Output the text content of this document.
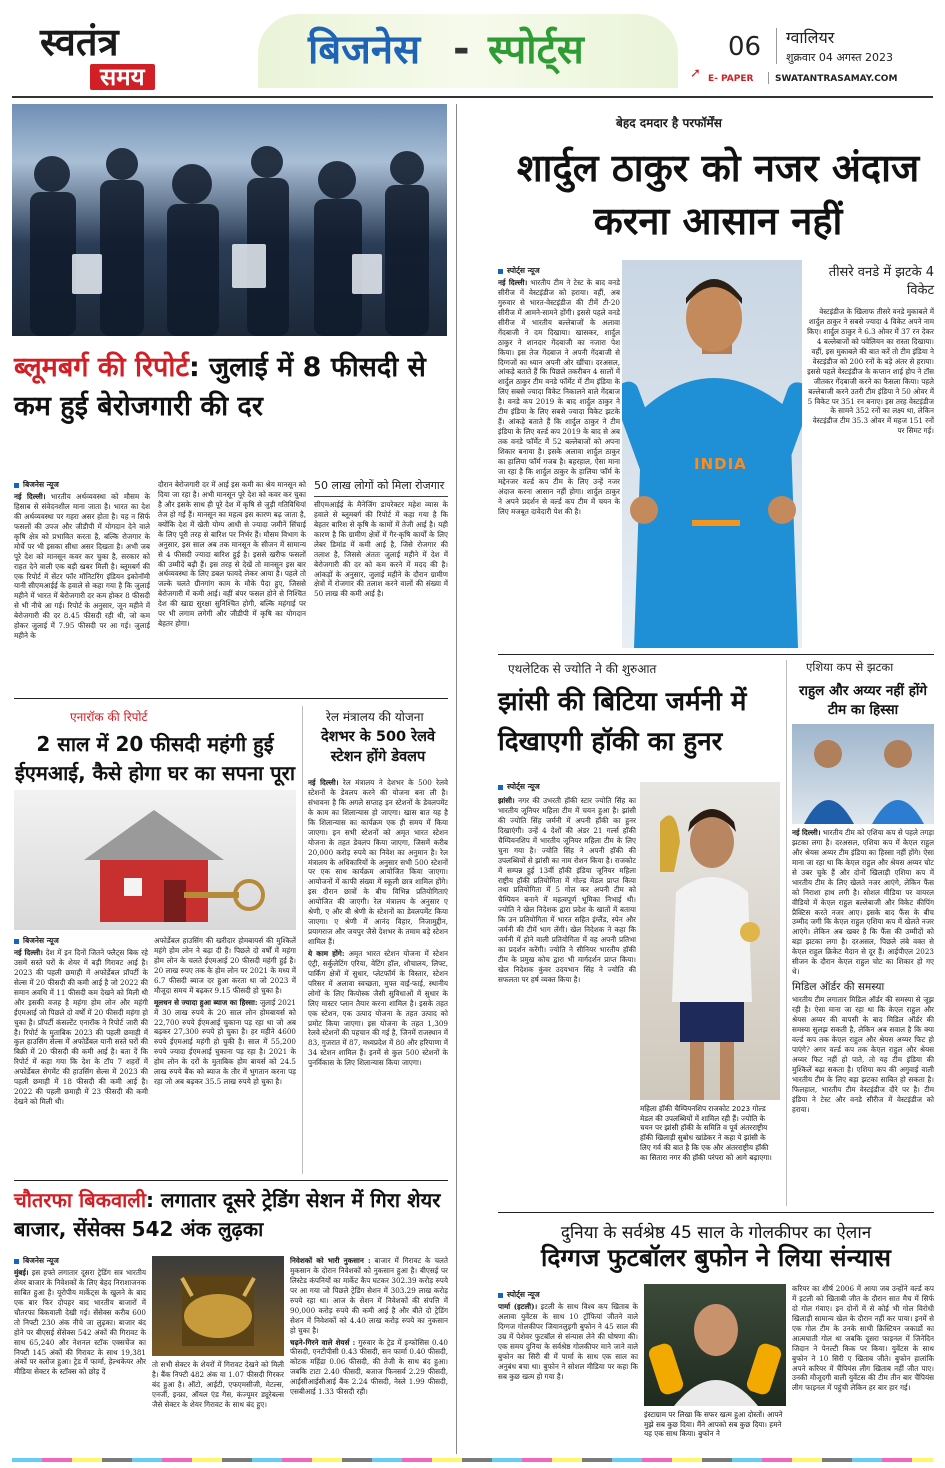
स्वतंत्र
समय
बिजनेस - स्पोर्ट्स	06 ग्वालियर
शुक्रवार 04 अगस्त 2023
➚ E- PAPER SWATANTRASAMAY.COM
ब्लूमबर्ग की रिपोर्ट: जुलाई में 8 फीसदी से कम हुई बेरोजगारी की दर
बिजनेस न्यूज
नई दिल्ली। भारतीय अर्थव्यवस्था को मौसम के हिसाब से संवेदनशील माना जाता है। भारत का देश की अर्थव्यवस्था पर गहरा असर होता है। यह न सिर्फ फसलों की उपज और जीडीपी में योगदान देने वाले कृषि क्षेत्र को प्रभावित करता है, बल्कि रोजगार के मोर्चे पर भी इसका सीधा असर दिखता है। अभी जब पूरे देश को मानसून कवर कर चुका है, सरकार को राहत देने वाली एक बड़ी खबर मिली है। ब्लूमबर्ग की एक रिपोर्ट में सेंटर फॉर मॉनिटरिंग इंडियन इकोनॉमी यानी सीएमआईई के हवाले से कहा गया है कि जुलाई महीने में भारत में बेरोजगारी दर कम होकर 8 फीसदी से भी नीचे आ गई। रिपोर्ट के अनुसार, जून महीने में बेरोजगारी की दर 8.45 फीसदी रही थी, जो कम होकर जुलाई में 7.95 फीसदी पर आ गई। जुलाई महीने के
दौरान बेरोजगारी दर में आई इस कमी का श्रेय मानसून को दिया जा रहा है। अभी मानसून पूरे देश को कवर कर चुका है और इसके साथ ही पूरे देश में कृषि से जुड़ी गतिविधियां तेज हो गई हैं। मानसून का महत्व इस कारण बढ़ जाता है, क्योंकि देश में खेती योग्य आधी से ज्यादा जमीनें सिंचाई के लिए पूरी तरह से बारिश पर निर्भर हैं। मौसम विभाग के अनुसार, इस साल अब तक मानसून के सीजन में सामान्य से 4 फीसदी ज्यादा बारिश हुई है। इससे खरीफ फसलों की उम्मीदें बढ़ी हैं। इस तरह से देखें तो मानसून इस बार अर्थव्यवस्था के लिए डबल फायदे लेकर आया है। पहले तो जल्के चलते ग्रीनगांग काम के मौके पैदा हुए, जिससे बेरोजगारी में कमी आई। वहीं बंपर फसल होने से निश्चित देश की खाद्य सुरक्षा सुनिश्चित होगी, बल्कि महंगाई पर पर भी लगाम लगेगी और जीडीपी में कृषि का योगदान बेहतर होगा।
50 लाख लोगों को मिला रोजगार
सीएमआईई के मैनेजिंग डायरेक्टर महेश व्यास के हवाले से ब्लूमबर्ग की रिपोर्ट में कहा गया है कि बेहतर बारिश से कृषि के कामों में तेजी आई है। यही कारण है कि ग्रामीण क्षेत्रों में गैर-कृषि कार्यों के लिए लेबर डिमांड में कमी आई है, जिसे रोजगार की तलाश है, जिससे अंततः जुलाई महीने में देश में बेरोजगारी की दर को कम करने में मदद की है। आंकड़ों के अनुसार, जुलाई महीने के दौरान ग्रामीण क्षेत्रों में रोजगार की तलाश करने वालों की संख्या में 50 लाख की कमी आई है।
एनारॉक की रिपोर्ट
2 साल में 20 फीसदी महंगी हुई ईएमआई, कैसे होगा घर का सपना पूरा
बिजनेस न्यूज
नई दिल्ली। देश में इन दिनों जितने फ्लैट्स बिक रहे उसमें सस्ते घरों के शेयर में बड़ी गिरावट आई है। 2023 की पहली छमाही में अफोर्डेबल प्रॉपर्टी के सेल्स में 20 फीसदी की कमी आई है जो 2022 की समान अवधि में 11 फीसदी कम देखने को मिली थी और इसकी वजह है महंगा होम लोन और महंगी ईएमआई जो पिछले दो वर्षों में 20 फीसदी महंगा हो चुका है। प्रॉपर्टी कंसल्टेंट एनारॉक ने रिपोर्ट जारी की है। रिपोर्ट के मुताबिक 2023 की पहली छमाही में कुल हाउसिंग सेल्स में अफोर्डेबल यानी सस्ते घरों की बिक्री में 20 फीसदी की कमी आई है। बता दें कि रिपोर्ट में कहा गया कि देश के टॉप 7 शहरों में अफोर्डेबल सेगमेंट की हाउसिंग सेल्स में 2023 की पहली छमाही में 18 फीसदी की कमी आई है। 2022 की पहली छमाही में 23 फीसदी की कमी देखने को मिली थी।

अफोर्डेबल हाउसिंग की खरीदार होमबायर्स की मुश्किलें महंगे होम लोन ने बढ़ा दी हैं। पिछले दो वर्षों में महंगा होम लोन के चलते ईएमआई 20 फीसदी महंगी हुई है। 20 लाख रुपए तक के होम लोन पर 2021 के मध्य में 6.7 फीसदी ब्याज दर हुआ करता था जो 2023 में मौजूदा समय में बढ़कर 9.15 फीसदी हो चुका है।

मूलधन से ज्यादा हुआ ब्याज का हिस्सा: जुलाई 2021 में 30 लाख रुपये के 20 साल लोन होमबायर्स को 22,700 रुपये ईएमआई चुकाना पड़ रहा था जो अब बढ़कर 27,300 रुपये हो चुका है। हर महीने 4600 रुपये ईएमआई महंगी हो चुकी है। साल में 55,200 रुपये ज्यादा ईएमआई चुकाना पड़ रहा है। 2021 के होम लोन के दरों के मुताबिक होम बायर्स को 24.5 लाख रुपये बैंक को ब्याज के तौर में भुगतान करना पड़ रहा जो अब बढ़कर 35.5 लाख रुपये हो चुका है।

रेल मंत्रालय की योजना
देशभर के 500 रेलवे स्टेशन होंगे डेवलप

नई दिल्ली। रेल मंत्रालय ने देशभर के 500 रेलवे स्टेशनों के डेवलप करने की योजना बना ली है। संभावना है कि अगले सप्ताह इन स्टेशनों के डेवलपमेंट के काम का शिलान्यास हो जाएगा। खास बात यह है कि शिलान्यास का कार्यक्रम एक ही समय में किया जाएगा। इन सभी स्टेशनों को अमृत भारत स्टेशन योजना के तहत डेवलप किया जाएगा, जिसमें करीब 20,000 करोड़ रुपये का निवेश का अनुमान है। रेल मंत्रालय के अधिकारियों के अनुसार सभी 500 स्टेशनों पर एक साथ कार्यक्रम आयोजित किया जाएगा। आयोजनों में काफी संख्या में स्कूली छात्र शामिल होंगे। इस दौरान छात्रों के बीच विभिन्न प्रतियोगिताएं आयोजित की जाएगी। रेल मंत्रालय के अनुसार ए श्रेणी, ए और बी श्रेणी के स्टेशनों का डेवलपमेंट किया जाएगा। ए श्रेणी में आनंद विहार, निजामुद्दीन, प्रयागराज और जयपुर जैसे देशभर के तमाम बड़े स्टेशन शामिल हैं।

ये काम होंगे: अमृत भारत स्टेशन योजना में स्टेशन एंट्री, सर्कुलेटिंग एरिया, वेटिंग हॉल, शौचालय, लिफ्ट, पार्किंग क्षेत्रों में सुधार, प्लेटफॉर्म के विस्तार, स्टेशन परिसर में अलावा स्वच्छता, मुफ्त वाई-फाई, स्थानीय लोगों के लिए कियोस्क जैसी सुविधाओं में सुधार के लिए मास्टर प्लान तैयार करना शामिल है। इसके तहत एक स्टेशन, एक उत्पाद योजना के तहत उत्पाद को प्रमोट किया जाएगा। इस योजना के तहत 1,309 रेलवे स्टेशनों की पहचान की गई है, जिनमें राजस्थान में 83, गुजरात में 87, मध्यप्रदेश में 80 और हरियाणा में 34 स्टेशन शामिल हैं। इनमें से कुल 500 स्टेशनों के पुनर्विकास के लिए शिलान्यास किया जाएगा।

चौतरफा बिकवाली: लगातार दूसरे ट्रेडिंग सेशन में गिरा शेयर बाजार, सेंसेक्स 542 अंक लुढ़का
बिजनेस न्यूज
मुंबई। इस हफ्ते लगातार दूसरा ट्रेडिंग सत्र भारतीय शेयर बाजार के निवेशकों के लिए बेहद निराशाजनक साबित हुआ है। यूरोपीय मार्केट्स के खुलने के बाद एक बार फिर दोपहर बाद भारतीय बाजारों में चौतरफा बिकवाली देखी गई। सेंसेक्स करीब 600 तो निफ्टी 230 अंक नीचे जा लुढ़का। बाजार बंद होने पर बीएसई सेंसेक्स 542 अंकों की गिरावट के साथ 65,240 और नेशनल स्टॉक एक्सचेंज का निफ्टी 145 अंकों की गिरावट के साथ 19,381 अंकों पर क्लोज हुआ। ट्रेड में फार्मा, हेल्थकेयर और मीडिया सेक्टर के स्टॉक्स को छोड़ दें
तो सभी सेक्टर के शेयरों में गिरावट देखने को मिली है। बैंक निफ्टी 482 अंक या 1.07 फीसदी गिरकर बंद हुआ है। ऑटो, आईटी, एफएमसीजी, मेटल्स, एनर्जी, इन्फ्रा, ऑयल एंड गैस, कंज्यूमर ड्यूरेबल्स जैसे सेक्टर के शेयर गिरावट के साथ बंद हुए।

निवेशकों को भारी नुकसान : बाजार में गिरावट के चलते मुकसान के दोरान निवेशकों को नुकसान हुआ है। बीएसई पर लिस्टेड कंपनियों का मार्केट कैप घटकर 302.39 करोड़ रुपये पर आ गया जो पिछले ट्रेडिंग सेशन में 303.29 लाख करोड़ रुपये रहा था। आज के सेशन में निवेशकों की संपत्ति में 90,000 करोड़ रुपये की कमी आई है और बीते दो ट्रेडिंग सेशन में निवेशकों को 4.40 लाख करोड़ रुपये का नुकसान हो चुका है।

चढ़ने-गिरने वाले शेयर्स : गुरुवार के ट्रेड में इन्फोसिस 0.40 फीसदी, एनटीपीसी 0.43 फीसदी, सन फार्मा 0.40 फीसदी, कोटक महिंद्रा 0.06 फीसदी, की तेजी के साथ बंद हुआ। जबकि टाटा 2.40 फीसदी, बजाज फिनसर्व 2.29 फीसदी, आईसीआईसीआई बैंक 2.24 फीसदी, नेस्ले 1.99 फीसदी, एसबीआई 1.33 फीसदी रही।

बेहद दमदार है परफॉर्मेंस
शार्दुल ठाकुर को नजर अंदाज करना आसान नहीं
स्पोर्ट्स न्यूज
नई दिल्ली। भारतीय टीम ने टेस्ट के बाद वनडे सीरीज में वेस्टइंडीज को हराया। वहीं, अब गुरुवार से भारत-वेस्टइंडीज की टीमें टी-20 सीरीज में आमने-सामने होंगी। इससे पहले वनडे सीरीज में भारतीय बल्लेबाजों के अलावा गेंदबाजी ने दम दिखाया। खासकर, शार्दुल ठाकुर ने शानदार गेंदबाजी का नजारा पेश किया। इस तेज गेंदबाज ने अपनी गेंदबाजी से दिग्गजों का ध्यान अपनी ओर खींचा। दरअसल, आंकड़े बताते हैं कि पिछले तकरीबन 4 सालों में शार्दुल ठाकुर टीम वनडे फॉर्मेट में टीम इंडिया के लिए सबसे ज्यादा विकेट निकालने वाले गेंदबाज है। वनडे कप 2019 के बाद शार्दुल ठाकुर ने टीम इंडिया के लिए सबसे ज्यादा विकेट झटके हैं। आंकड़े बताते हैं कि शार्दुल ठाकुर ने टीम इंडिया के लिए वर्ल्ड कप 2019 के बाद से अब तक वनडे फॉर्मेट में 52 बल्लेबाजों को अपना शिकार बनाया है। इसके अलावा शार्दुल ठाकुर का हालिया फॉर्म गजब है। बहरहाल, ऐसा माना जा रहा है कि शार्दुल ठाकुर के हालिया फॉर्म के मद्देनजर वर्ल्ड कप टीम के लिए उन्हें नजर अंदाज करना आसान नहीं होगा। शार्दुल ठाकुर ने अपने प्रदर्शन से वर्ल्ड कप टीम में चयन के लिए मजबूत दावेदारी पेश की है।
INDIA
तीसरे वनडे में झटके 4 विकेट
वेस्टइंडीज के खिलाफ तीसरे वनडे मुकाबले में शार्दुल ठाकुर ने सबसे ज्यादा 4 विकेट अपने नाम किए। शार्दुल ठाकुर ने 6.3 ओवर में 37 रन देकर 4 बल्लेबाजों को पवेलियन का रास्ता दिखाया। वहीं, इस मुकाबले की बात करें तो टीम इंडिया ने वेस्टइंडीज को 200 रनों के बड़े अंतर से हराया। इससे पहले वेस्टइंडीज के कप्तान शाई होप ने टॉस जीतकर गेंदबाजी करने का फैसला किया। पहले बल्लेबाजी करने उतरी टीम इंडिया ने 50 ओवर में 5 विकेट पर 351 रन बनाए। इस तरह वेस्टइंडीज के सामने 352 रनों का लक्ष्य था, लेकिन वेस्टइंडीज टीम 35.3 ओवर में महज 151 रनों पर सिमट गई।
एथलेटिक से ज्योति ने की शुरुआत
झांसी की बिटिया जर्मनी में दिखाएगी हॉकी का हुनर
स्पोर्ट्स न्यूज
झांसी। नगर की उभरती हॉकी स्टार ज्योति सिंह का भारतीय जूनियर महिला टीम में चयन हुआ है। झांसी की ज्योति सिंह जर्मनी में अपनी हॉकी का हुनर दिखाएंगी। उन्हें 4 देशों की अंडर 21 गर्ल्स हॉकी चैम्पियनशिप में भारतीय जूनियर महिला टीम के लिए चुना गया है। ज्योति सिंह ने अपनी हॉकी की उपलब्धियों से झांसी का नाम रोशन किया है। राजकोट में सम्पन्न हुई 13वीं हॉकी इंडिया जूनियर महिला राष्ट्रीय हॉकी प्रतियोगिता में गोल्ड मेडल प्राप्त किया तथा प्रतियोगिता में 5 गोल कर अपनी टीम को चैम्पियन बनाने में महत्वपूर्ण भूमिका निभाई थी। ज्योति ने खेल निदेशक द्वारा प्रदेश के खातों में बताया कि उन प्रतियोगिता में भारत सहित इंग्लैंड, स्पेन और जर्मनी की टीमें भाग लेंगी। खेल निदेशक ने कहा कि जर्मनी में होने वाली प्रतियोगिता में वह अपनी प्रतिभा का प्रदर्शन करेंगी। ज्योति ने सीनियर भारतीय हॉकी टीम के प्रमुख कोच द्वारा भी मार्गदर्शन प्राप्त किया। खेल निदेशक कुंवर उदयभान सिंह ने ज्योति की सफलता पर हर्ष व्यक्त किया है।
महिला हॉकी चैम्पियनशिप राजकोट 2023 गोल्ड मेडल की उपलब्धियों में शामिल रही हैं। ज्योति के चयन पर झांसी हॉकी के समिति व पूर्व अंतरराष्ट्रीय हॉकी खिलाड़ी सुबोध खांडेकर ने कहा ये झांसी के लिए गर्व की बात है कि एक और अंतरराष्ट्रीय हॉकी का सितारा नगर की हॉकी परंपरा को आगे बढ़ाएगा।
एशिया कप से झटका
राहुल और अय्यर नहीं होंगे टीम का हिस्सा

नई दिल्ली। भारतीय टीम को एशिया कप से पहले तगड़ा झटका लगा है। दरअसल, एशिया कप में केएल राहुल और श्रेयस अय्यर टीम इंडिया का हिस्सा नहीं होंगे। ऐसा माना जा रहा था कि केएल राहुल और श्रेयस अय्यर चोट से उबर चुके हैं और दोनों खिलाड़ी एशिया कप में भारतीय टीम के लिए खेलते नजर आएंगे, लेकिन फैंस को निराशा हाथ लगी है। सोशल मीडिया पर वायरल वीडियो में केएल राहुल बल्लेबाजी और विकेट कीपिंग प्रैक्टिस करते नजर आए। इसके बाद फैंस के बीच उम्मीद जगी कि केएल राहुल एशिया कप में खेलते नजर आएंगे। लेकिन अब खबर है कि फैंस की उम्मीदों को बड़ा झटका लगा है। दरअसल, पिछले लंबे वक्त से केएल राहुल क्रिकेट मैदान से दूर हैं। आईपीएल 2023 सीजन के दौरान केएल राहुल चोट का शिकार हो गए थे।

मिडिल ऑर्डर की समस्या

भारतीय टीम लगातार मिडिल ऑर्डर की समस्या से जूझ रही है। ऐसा माना जा रहा था कि केएल राहुल और श्रेयस अय्यर की वापसी के बाद मिडिल ऑर्डर की समस्या सुलझ सकती है, लेकिन अब सवाल है कि क्या वर्ल्ड कप तक केएल राहुल और श्रेयस अय्यर फिट हो पाएंगे? अगर वर्ल्ड कप तक केएल राहुल और श्रेयस अय्यर फिट नहीं हो पाते, तो यह टीम इंडिया की मुश्किलें बढ़ा सकता है। एशिया कप की अगुवाई वाली भारतीय टीम के लिए बड़ा झटका साबित हो सकता है। फिलहाल, भारतीय टीम वेस्टइंडीज दौरे पर है। टीम इंडिया ने टेस्ट और वनडे सीरीज में वेस्टइंडीज को हराया।

दुनिया के सर्वश्रेष्ठ 45 साल के गोलकीपर का ऐलान
दिग्गज फुटबॉलर बुफोन ने लिया संन्यास
स्पोर्ट्स न्यूज
पार्मा (इटली)। इटली के साथ विश्व कप खिताब के अलावा युवेंटस के साथ 10 ट्रॉफियां जीतने वाले दिग्गज गोलकीपर जियानलुइगी बुफोन ने 45 साल की उम्र में पेशेवर फुटबॉल से संन्यास लेने की घोषणा की। एक समय दुनिया के सर्वश्रेष्ठ गोलकीपर माने जाने वाले बुफोन का सिरी बी में पार्मा के साथ एक साल का अनुबंध बचा था। बुफोन ने सोशल मीडिया पर कहा कि सब कुछ खत्म हो गया है।
इंस्टाग्राम पर लिखा कि सफर खत्म हुआ दोस्तों। आपने मुझे सब कुछ दिया। मैंने आपको सब कुछ दिया। हमने यह एक साथ किया। बुफोन ने
करियर का शीर्ष 2006 में आया जब उन्होंने वर्ल्ड कप में इटली को खिताबी जीत के दौरान सात मैच में सिर्फ दो गोल गंवाए। इन दोनों में से कोई भी गोल विरोधी खिलाड़ी सामान्य खेल के दौरान नहीं कर पाया। इनमें से एक गोल टीम के उनके साथी क्रिस्टियन जकार्डो का आत्मघाती गोल था जबकि दूसरा फाइनल में जिनेदिन जिदान ने पेनल्टी किक पर किया। युवेंटस के साथ बुफोन ने 10 सिरी ए खिताब जीते। बुफोन हालांकि अपने करियर में चैंपियंस लीग खिताब नहीं जीत पाए। उनकी मौजूदगी वाली युवेंटस की टीम तीन बार चैंपियंस लीग फाइनल में पहुंची लेकिन हर बार हार गई।
